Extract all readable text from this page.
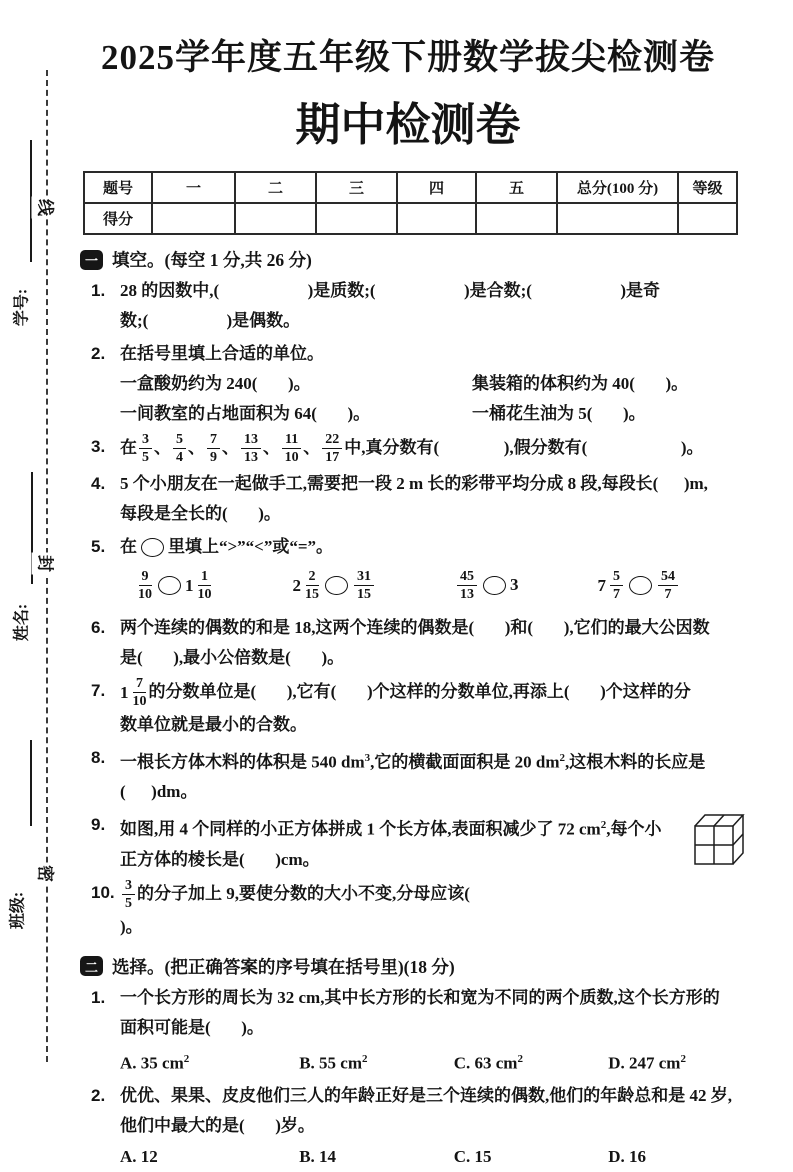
线
封
密
学号:
姓名:
班级:
2025学年度五年级下册数学拔尖检测卷
期中检测卷
题号	一	二	三	四	五	总分(100 分)	等级
得分							
一 填空。(每空 1 分,共 26 分)
1. 28 的因数中,(	)是质数;(	)是合数;(	)是奇
数;(	)是偶数。
2. 在括号里填上合适的单位。
一盒酸奶约为 240( )。	集装箱的体积约为 40( )。
一间教室的占地面积为 64( )。	一桶花生油为 5( )。
3. 在 $\frac{3}{5}$ 、 $\frac{5}{4}$ 、 $\frac{7}{9}$ 、 $\frac{13}{13}$ 、 $\frac{11}{10}$ 、 $\frac{22}{17}$ 中,真分数有(	),假分数有(	)。
4. 5 个小朋友在一起做手工,需要把一段 2 m 长的彩带平均分成 8 段,每段长( )m,
每段是全长的( )。
5. 在 里填上“>”“<”或“=”。
$\frac{9}{10} 1 \frac{1}{10}$	$2 \frac{2}{15}$	$\frac{31}{15}$	$\frac{45}{13} 3$	$7 \frac{5}{7}$	$\frac{54}{7}$
6. 两个连续的偶数的和是 18,这两个连续的偶数是( )和( ),它们的最大公因数
是( ),最小公倍数是( )。
7. $1 \frac{7}{10}$ 的分数单位是( ),它有( )个这样的分数单位,再添上( )个这样的分
数单位就是最小的合数。
8. 一根长方体木料的体积是 540 $dm^3$,它的横截面面积是 20 $dm^2$,这根木料的长应是
( )dm。
9. 如图,用 4 个同样的小正方体拼成 1 个长方体,表面积减少了 72 $cm^2$,每个小
正方体的棱长是( )cm。
10. $\frac{3}{5}$ 的分子加上 9,要使分数的大小不变,分母应该()。
二 选择。(把正确答案的序号填在括号里)(18 分)
1. 一个长方形的周长为 32 cm,其中长方形的长和宽为不同的两个质数,这个长方形的
面积可能是( )。
A. 35 $cm^2$	B. 55 $cm^2$	C. 63 $cm^2$	D. 247 $cm^2$
2. 优优、果果、皮皮他们三人的年龄正好是三个连续的偶数,他们的年龄总和是 42 岁,
他们中最大的是( )岁。
A. 12	B. 14	C. 15	D. 16
